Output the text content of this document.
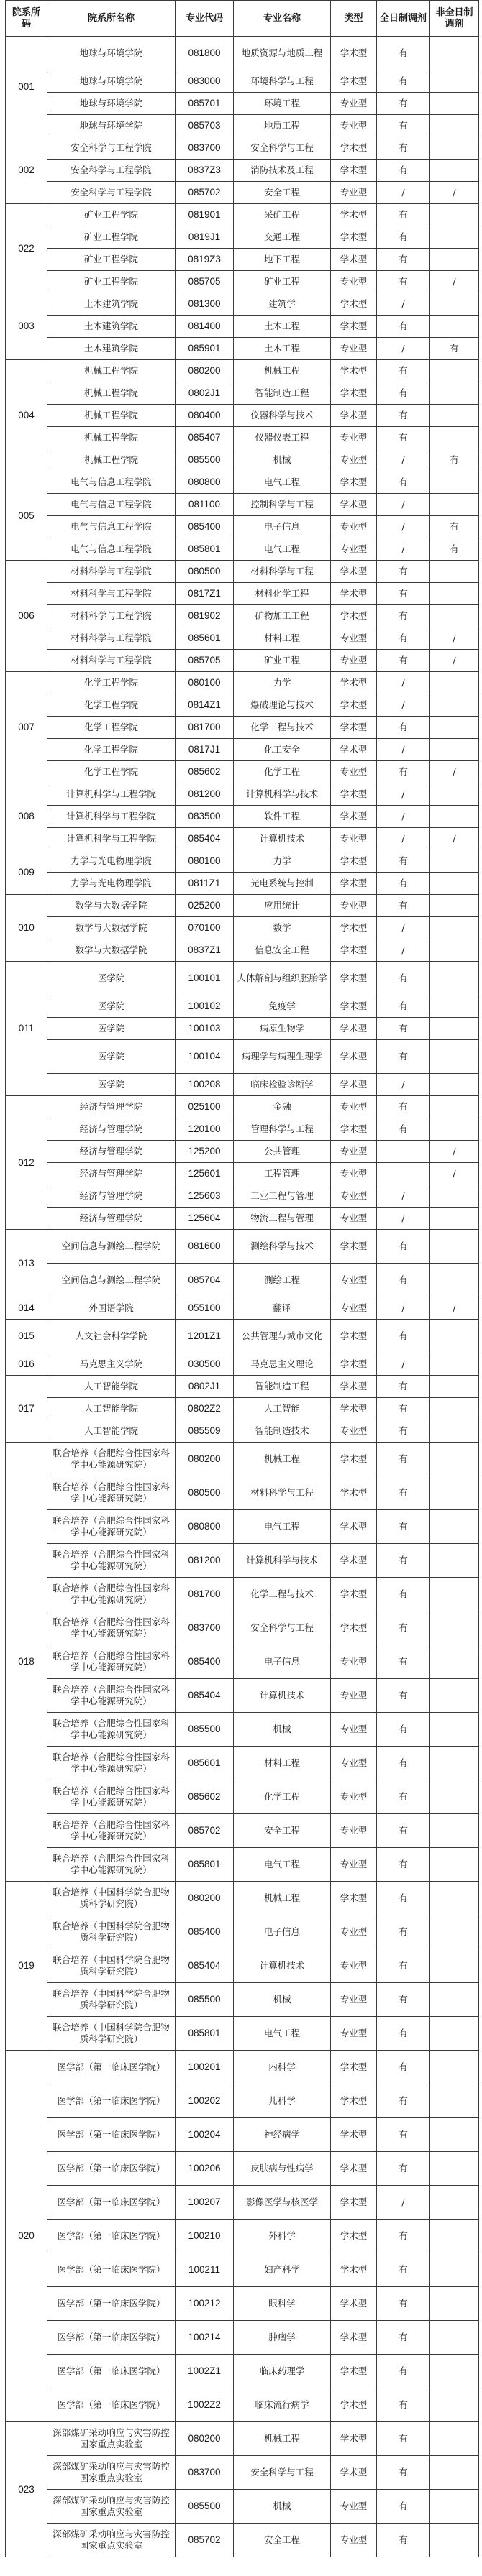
院系所码	院系所名称	专业代码	专业名称	类型	全日制调剂	非全日制调剂
001	地球与环境学院	081800	地质资源与地质工程	学术型	有	
	地球与环境学院	083000	环境科学与工程	学术型	有	
	地球与环境学院	085701	环境工程	专业型	有	
	地球与环境学院	085703	地质工程	专业型	有	
002	安全科学与工程学院	083700	安全科学与工程	学术型	有	
	安全科学与工程学院	0837Z3	消防技术及工程	学术型	有	
	安全科学与工程学院	085702	安全工程	专业型	/	/
022	矿业工程学院	081901	采矿工程	学术型	有	
	矿业工程学院	0819J1	交通工程	学术型	有	
	矿业工程学院	0819Z3	地下工程	学术型	有	
	矿业工程学院	085705	矿业工程	专业型	有	/
003	土木建筑学院	081300	建筑学	学术型	/	
	土木建筑学院	081400	土木工程	学术型	有	
	土木建筑学院	085901	土木工程	专业型	/	有
004	机械工程学院	080200	机械工程	学术型	有	
	机械工程学院	0802J1	智能制造工程	学术型	有	
	机械工程学院	080400	仪器科学与技术	学术型	有	
	机械工程学院	085407	仪器仪表工程	专业型	有	
	机械工程学院	085500	机械	专业型	/	有
005	电气与信息工程学院	080800	电气工程	学术型	有	
	电气与信息工程学院	081100	控制科学与工程	学术型	/	
	电气与信息工程学院	085400	电子信息	专业型	/	有
	电气与信息工程学院	085801	电气工程	专业型	/	有
006	材料科学与工程学院	080500	材料科学与工程	学术型	有	
	材料科学与工程学院	0817Z1	材料化学工程	学术型	有	
	材料科学与工程学院	081902	矿物加工工程	学术型	有	
	材料科学与工程学院	085601	材料工程	专业型	有	/
	材料科学与工程学院	085705	矿业工程	专业型	有	/
007	化学工程学院	080100	力学	学术型	/	
	化学工程学院	0814Z1	爆破理论与技术	学术型	/	
	化学工程学院	081700	化学工程与技术	学术型	有	
	化学工程学院	0817J1	化工安全	学术型	/	
	化学工程学院	085602	化学工程	专业型	有	/
008	计算机科学与工程学院	081200	计算机科学与技术	学术型	/	
	计算机科学与工程学院	083500	软件工程	学术型	/	
	计算机科学与工程学院	085404	计算机技术	专业型	/	/
009	力学与光电物理学院	080100	力学	学术型	有	
	力学与光电物理学院	0811Z1	光电系统与控制	学术型	有	
010	数学与大数据学院	025200	应用统计	专业型	有	
	数学与大数据学院	070100	数学	学术型	/	
	数学与大数据学院	0837Z1	信息安全工程	学术型	/	
011	医学院	100101	人体解剖与组织胚胎学	学术型	有	
	医学院	100102	免疫学	学术型	有	
	医学院	100103	病原生物学	学术型	有	
	医学院	100104	病理学与病理生理学	学术型	有	
	医学院	100208	临床检验诊断学	学术型	/	
012	经济与管理学院	025100	金融	专业型	有	
	经济与管理学院	120100	管理科学与工程	学术型	有	
	经济与管理学院	125200	公共管理	专业型		/
	经济与管理学院	125601	工程管理	专业型		/
	经济与管理学院	125603	工业工程与管理	专业型	/	
	经济与管理学院	125604	物流工程与管理	专业型	/	
013	空间信息与测绘工程学院	081600	测绘科学与技术	学术型	有	
	空间信息与测绘工程学院	085704	测绘工程	专业型	有	
014	外国语学院	055100	翻译	专业型	/	/
015	人文社会科学学院	1201Z1	公共管理与城市文化	学术型	有	
016	马克思主义学院	030500	马克思主义理论	学术型	/	
017	人工智能学院	0802J1	智能制造工程	学术型	有	
	人工智能学院	0802Z2	人工智能	学术型	有	
	人工智能学院	085509	智能制造技术	专业型	有	
018	联合培养（合肥综合性国家科学中心能源研究院）	080200	机械工程	学术型	有	
	联合培养（合肥综合性国家科学中心能源研究院）	080500	材料科学与工程	学术型	有	
	联合培养（合肥综合性国家科学中心能源研究院）	080800	电气工程	学术型	有	
	联合培养（合肥综合性国家科学中心能源研究院）	081200	计算机科学与技术	学术型	有	
	联合培养（合肥综合性国家科学中心能源研究院）	081700	化学工程与技术	学术型	有	
	联合培养（合肥综合性国家科学中心能源研究院）	083700	安全科学与工程	学术型	有	
	联合培养（合肥综合性国家科学中心能源研究院）	085400	电子信息	专业型	有	
	联合培养（合肥综合性国家科学中心能源研究院）	085404	计算机技术	专业型	有	
	联合培养（合肥综合性国家科学中心能源研究院）	085500	机械	专业型	有	
	联合培养（合肥综合性国家科学中心能源研究院）	085601	材料工程	专业型	有	
	联合培养（合肥综合性国家科学中心能源研究院）	085602	化学工程	专业型	有	
	联合培养（合肥综合性国家科学中心能源研究院）	085702	安全工程	专业型	有	
	联合培养（合肥综合性国家科学中心能源研究院）	085801	电气工程	专业型	有	
019	联合培养（中国科学院合肥物质科学研究院）	080200	机械工程	学术型	有	
	联合培养（中国科学院合肥物质科学研究院）	085400	电子信息	专业型	有	
	联合培养（中国科学院合肥物质科学研究院）	085404	计算机技术	专业型	有	
	联合培养（中国科学院合肥物质科学研究院）	085500	机械	专业型	有	
	联合培养（中国科学院合肥物质科学研究院）	085801	电气工程	专业型	有	
020	医学部（第一临床医学院）	100201	内科学	学术型	有	
	医学部（第一临床医学院）	100202	儿科学	学术型	有	
	医学部（第一临床医学院）	100204	神经病学	学术型	有	
	医学部（第一临床医学院）	100206	皮肤病与性病学	学术型	有	
	医学部（第一临床医学院）	100207	影像医学与核医学	学术型	/	
	医学部（第一临床医学院）	100210	外科学	学术型	有	
	医学部（第一临床医学院）	100211	妇产科学	学术型	有	
	医学部（第一临床医学院）	100212	眼科学	学术型	有	
	医学部（第一临床医学院）	100214	肿瘤学	学术型	有	
	医学部（第一临床医学院）	1002Z1	临床药理学	学术型	有	
	医学部（第一临床医学院）	1002Z2	临床流行病学	学术型	有	
023	深部煤矿采动响应与灾害防控国家重点实验室	080200	机械工程	学术型	有	
	深部煤矿采动响应与灾害防控国家重点实验室	083700	安全科学与工程	学术型	有	
	深部煤矿采动响应与灾害防控国家重点实验室	085500	机械	专业型	有	
	深部煤矿采动响应与灾害防控国家重点实验室	085702	安全工程	专业型	有	
